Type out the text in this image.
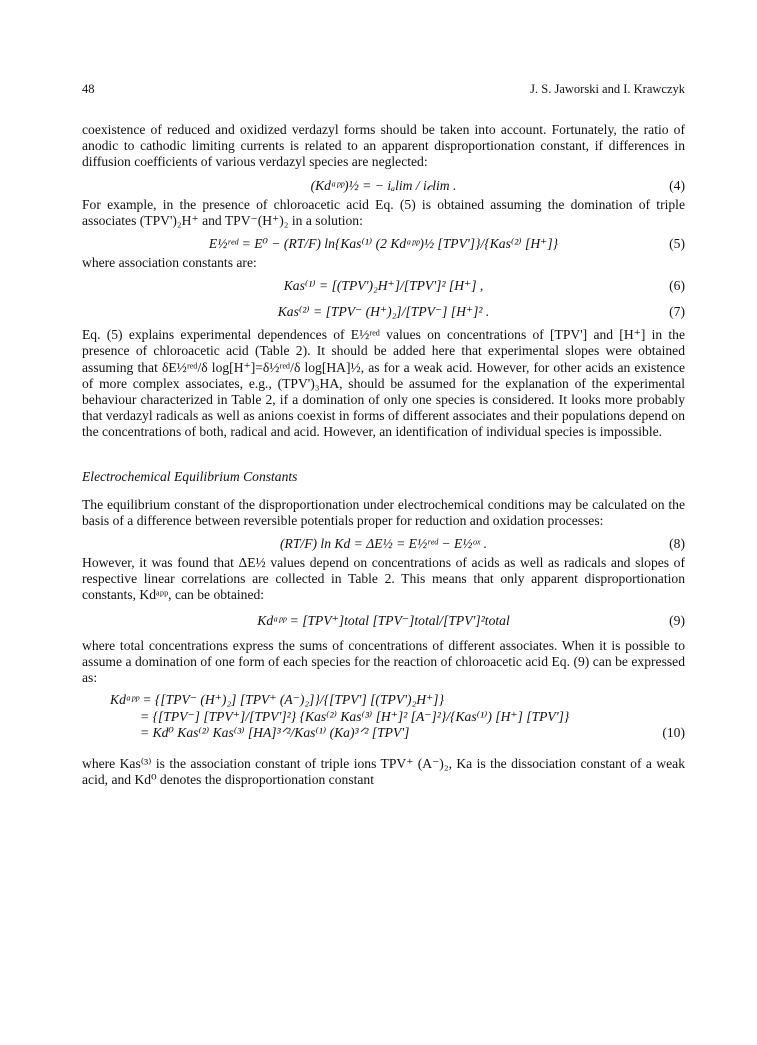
48	J. S. Jaworski and I. Krawczyk

coexistence of reduced and oxidized verdazyl forms should be taken into account. Fortunately, the ratio of anodic to cathodic limiting currents is related to an apparent disproportionation constant, if differences in diffusion coefficients of various verdazyl species are neglected:

(Kdᵃᵖᵖ)½ = − iₐlim / i𝒸lim .	(4)

For example, in the presence of chloroacetic acid Eq. (5) is obtained assuming the domination of triple associates (TPV')₂H⁺ and TPV⁻(H⁺)₂ in a solution:

E½ʳᵉᵈ = E⁰ − (RT/F) ln{Kas⁽¹⁾ (2 Kdᵃᵖᵖ)½ [TPV']}/{Kas⁽²⁾ [H⁺]}	(5)

where association constants are:

Kas⁽¹⁾ = [(TPV')₂H⁺]/[TPV']² [H⁺] ,	(6)
Kas⁽²⁾ = [TPV⁻ (H⁺)₂]/[TPV⁻] [H⁺]² .	(7)

Eq. (5) explains experimental dependences of E½ʳᵉᵈ values on concentrations of [TPV'] and [H⁺] in the presence of chloroacetic acid (Table 2). It should be added here that experimental slopes were obtained assuming that δE½ʳᵉᵈ/δ log[H⁺]=δ½ʳᵉᵈ/δ log[HA]½, as for a weak acid. However, for other acids an existence of more complex associates, e.g., (TPV')₃HA, should be assumed for the explanation of the experimental behaviour characterized in Table 2, if a domination of only one species is considered. It looks more probably that verdazyl radicals as well as anions coexist in forms of different associates and their populations depend on the concentrations of both, radical and acid. However, an identification of individual species is impossible.

Electrochemical Equilibrium Constants

The equilibrium constant of the disproportionation under electrochemical conditions may be calculated on the basis of a difference between reversible potentials proper for reduction and oxidation processes:

(RT/F) ln Kd = ΔE½ = E½ʳᵉᵈ − E½ᵒˣ .	(8)

However, it was found that ΔE½ values depend on concentrations of acids as well as radicals and slopes of respective linear correlations are collected in Table 2. This means that only apparent disproportionation constants, Kdᵃᵖᵖ, can be obtained:

Kdᵃᵖᵖ = [TPV⁺]total [TPV⁻]total/[TPV']²total	(9)

where total concentrations express the sums of concentrations of different associates. When it is possible to assume a domination of one form of each species for the reaction of chloroacetic acid Eq. (9) can be expressed as:

Kdᵃᵖᵖ = {[TPV⁻ (H⁺)₂] [TPV⁺ (A⁻)₂]}/{[TPV'] [(TPV')₂H⁺]}
= {[TPV⁻] [TPV⁺]/[TPV']²} {Kas⁽²⁾ Kas⁽³⁾ [H⁺]² [A⁻]²}/{Kas⁽¹⁾) [H⁺] [TPV']}
= Kd⁰ Kas⁽²⁾ Kas⁽³⁾ [HA]³ᐟ²/Kas⁽¹⁾ (Ka)³ᐟ² [TPV']	(10)

where Kas⁽³⁾ is the association constant of triple ions TPV⁺ (A⁻)₂, Ka is the dissociation constant of a weak acid, and Kd⁰ denotes the disproportionation constant
